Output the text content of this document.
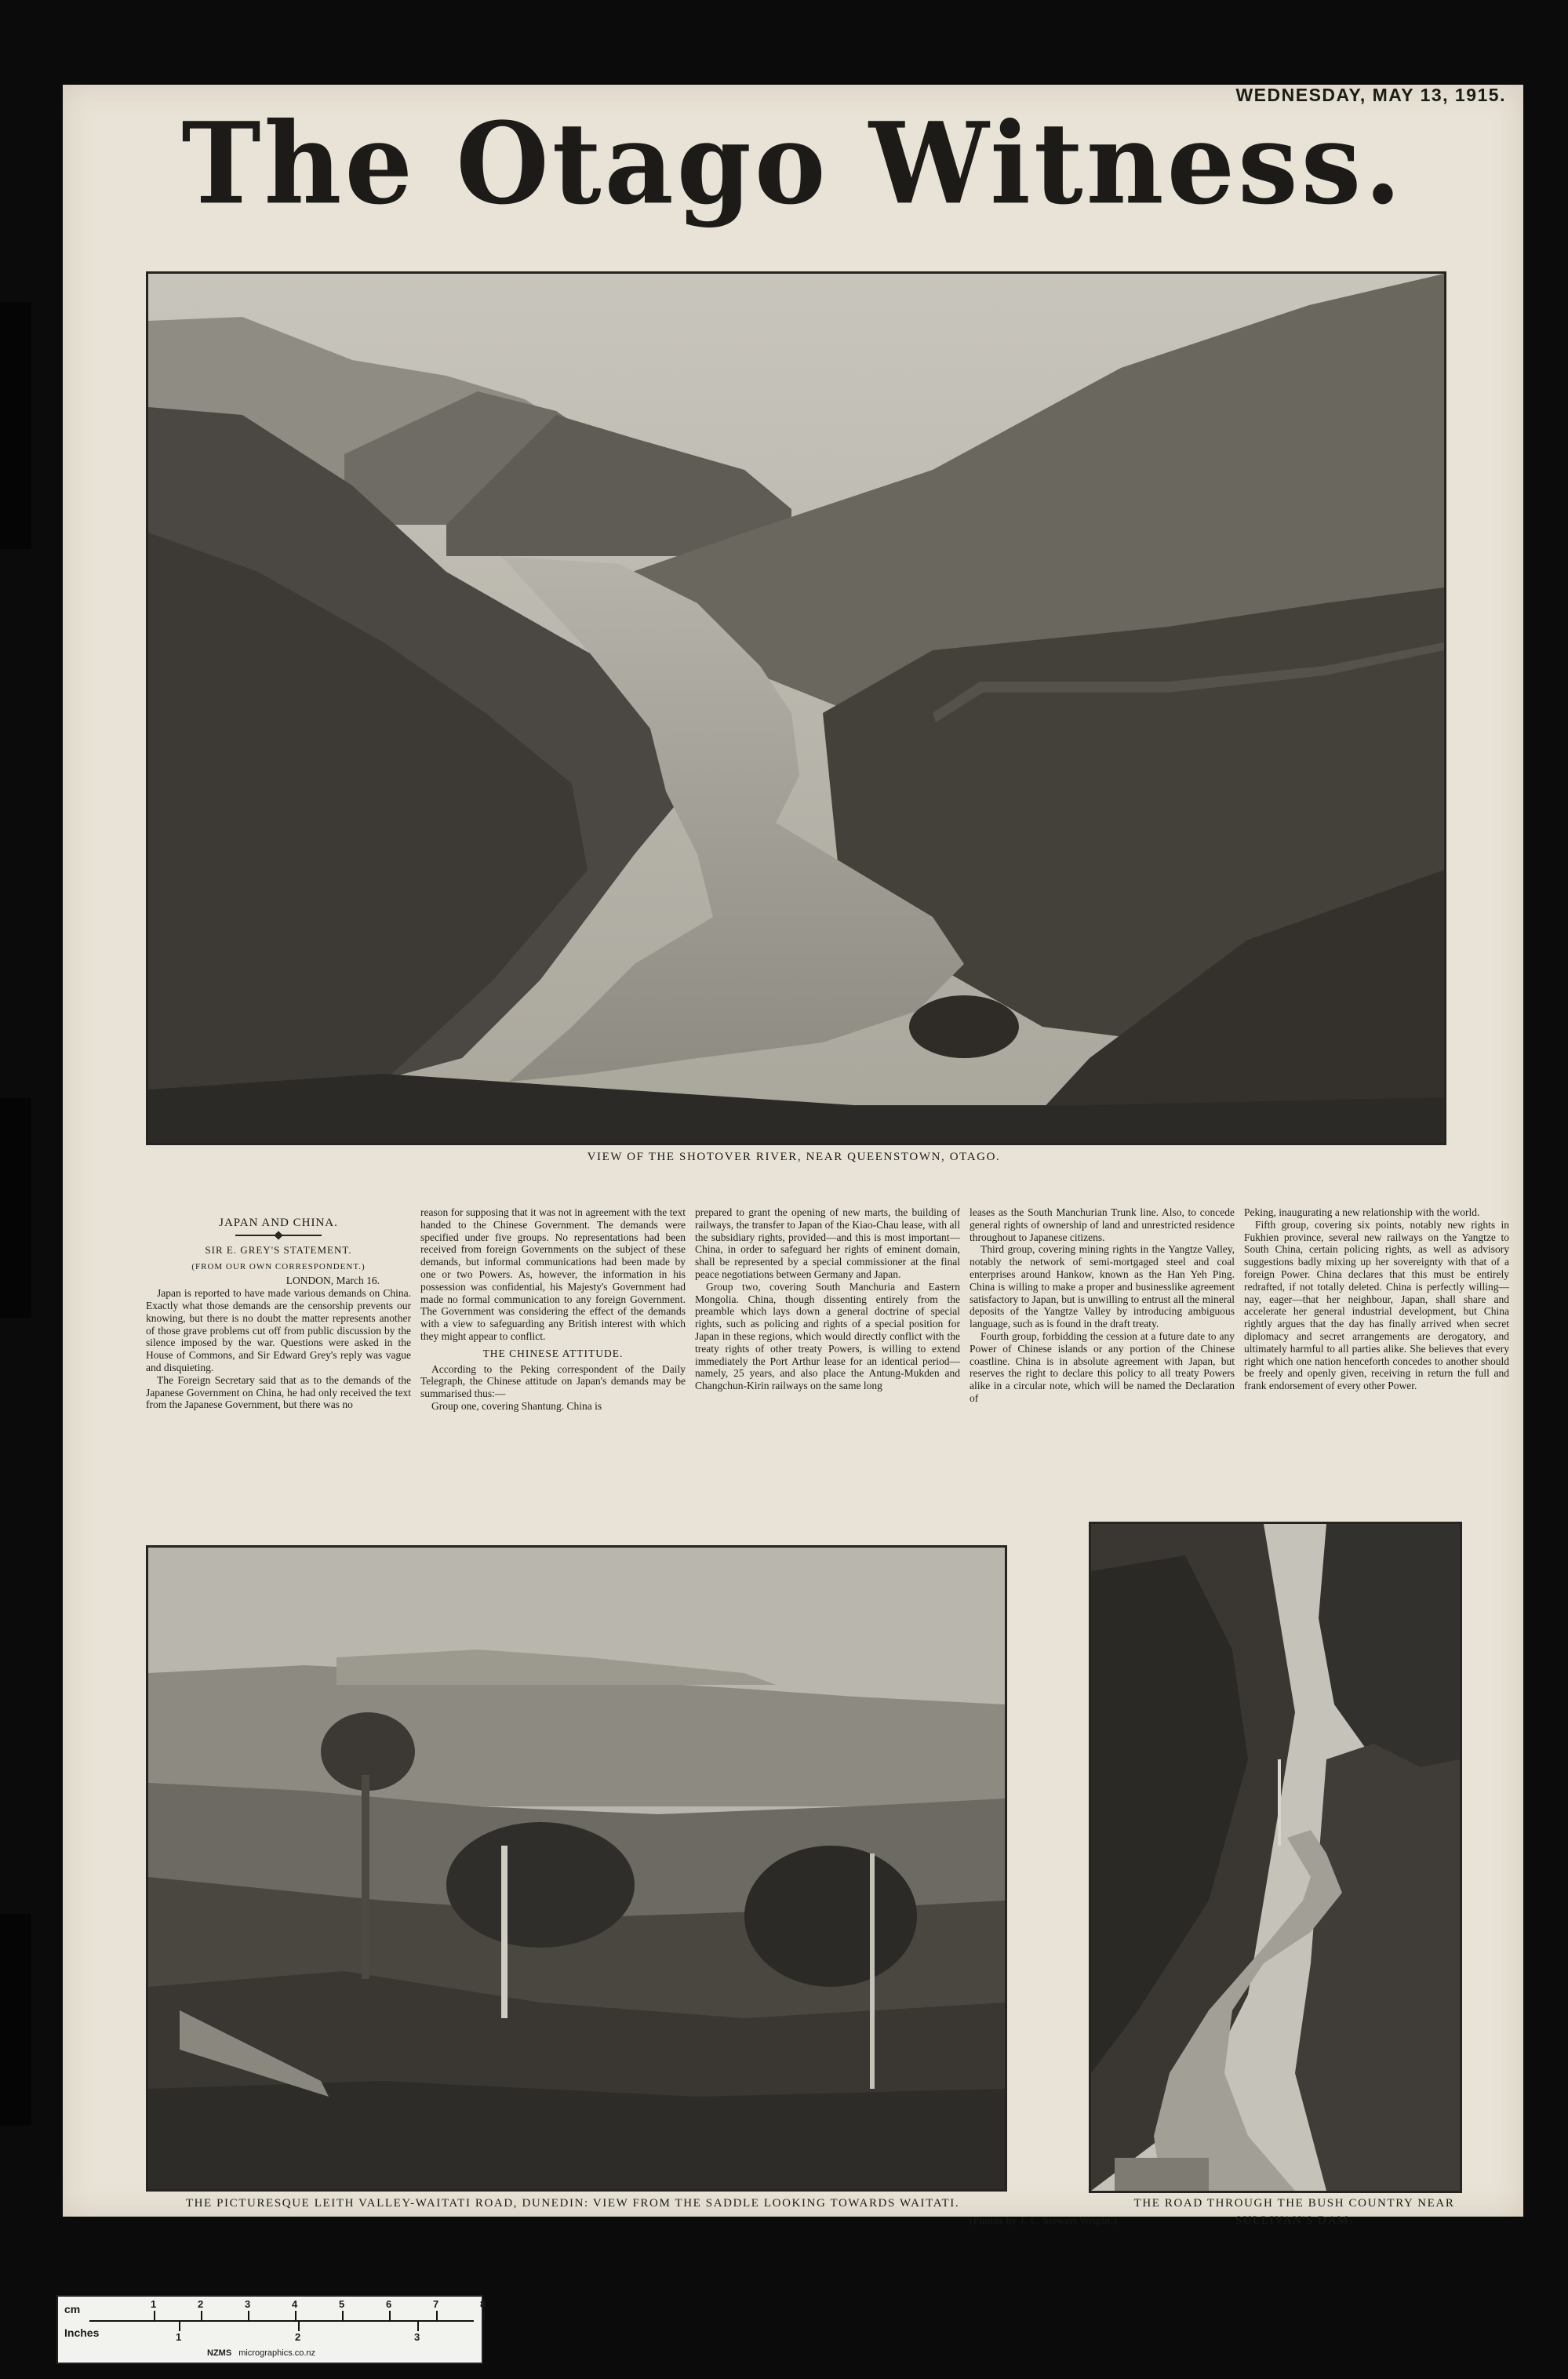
WEDNESDAY, MAY 13, 1915.
The Otago Witness.
VIEW OF THE SHOTOVER RIVER, NEAR QUEENSTOWN, OTAGO.

JAPAN AND CHINA.

SIR E. GREY'S STATEMENT.

(FROM OUR OWN CORRESPONDENT.)

LONDON, March 16.

Japan is reported to have made various demands on China. Exactly what those demands are the censorship prevents our knowing, but there is no doubt the matter represents another of those grave problems cut off from public discussion by the silence imposed by the war. Questions were asked in the House of Commons, and Sir Edward Grey's reply was vague and disquieting.

The Foreign Secretary said that as to the demands of the Japanese Government on China, he had only received the text from the Japanese Government, but there was no

reason for supposing that it was not in agreement with the text handed to the Chinese Government. The demands were specified under five groups. No representations had been received from foreign Governments on the subject of these demands, but informal communications had been made by one or two Powers. As, however, the information in his possession was confidential, his Majesty's Government had made no formal communication to any foreign Government. The Government was considering the effect of the demands with a view to safeguarding any British interest with which they might appear to conflict.

THE CHINESE ATTITUDE.

According to the Peking correspondent of the Daily Telegraph, the Chinese attitude on Japan's demands may be summarised thus:—

Group one, covering Shantung. China is

prepared to grant the opening of new marts, the building of railways, the transfer to Japan of the Kiao-Chau lease, with all the subsidiary rights, provided—and this is most important—China, in order to safeguard her rights of eminent domain, shall be represented by a special commissioner at the final peace negotiations between Germany and Japan.

Group two, covering South Manchuria and Eastern Mongolia. China, though dissenting entirely from the preamble which lays down a general doctrine of special rights, such as policing and rights of a special position for Japan in these regions, which would directly conflict with the treaty rights of other treaty Powers, is willing to extend immediately the Port Arthur lease for an identical period—namely, 25 years, and also place the Antung-Mukden and Changchun-Kirin railways on the same long

leases as the South Manchurian Trunk line. Also, to concede general rights of ownership of land and unrestricted residence throughout to Japanese citizens.

Third group, covering mining rights in the Yangtze Valley, notably the network of semi-mortgaged steel and coal enterprises around Hankow, known as the Han Yeh Ping. China is willing to make a proper and businesslike agreement satisfactory to Japan, but is unwilling to entrust all the mineral deposits of the Yangtze Valley by introducing ambiguous language, such as is found in the draft treaty.

Fourth group, forbidding the cession at a future date to any Power of Chinese islands or any portion of the Chinese coastline. China is in absolute agreement with Japan, but reserves the right to declare this policy to all treaty Powers alike in a circular note, which will be named the Declaration of

Peking, inaugurating a new relationship with the world.

Fifth group, covering six points, notably new rights in Fukhien province, several new railways on the Yangtze to South China, certain policing rights, as well as advisory suggestions badly mixing up her sovereignty with that of a foreign Power. China declares that this must be entirely redrafted, if not totally deleted. China is perfectly willing—nay, eager—that her neighbour, Japan, shall share and accelerate her general industrial development, but China rightly argues that the day has finally arrived when secret diplomacy and secret arrangements are derogatory, and ultimately harmful to all parties alike. She believes that every right which one nation henceforth concedes to another should be freely and openly given, receiving in return the full and frank endorsement of every other Power.

THE PICTURESQUE LEITH VALLEY-WAITATI ROAD, DUNEDIN: VIEW FROM THE SADDLE LOOKING TOWARDS WAITATI.
(Photos by J. L. Stewart Wright.)
THE ROAD THROUGH THE BUSH COUNTRY NEAR SULLIVAN'S DAM.
cm
Inches
1	2	3	4	5	6	7	8
1	2	3
NZMS micrographics.co.nz
